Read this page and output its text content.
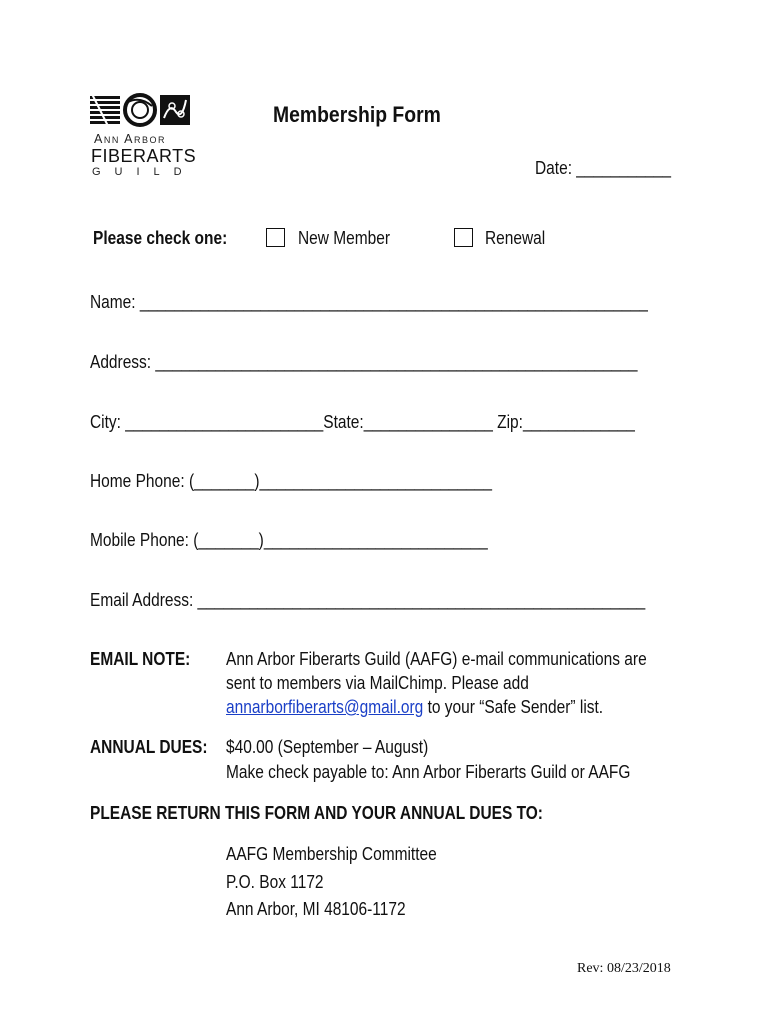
Ann Arbor
FIBERARTS
GUILD
Membership Form
Date: ___________
Please check one:	New Member	Renewal
Name: ___________________________________________________________
Address: ________________________________________________________
City: _______________________State:_______________ Zip:_____________
Home Phone: (_______)___________________________
Mobile Phone: (_______)__________________________
Email Address: ____________________________________________________
EMAIL NOTE: Ann Arbor Fiberarts Guild (AAFG) e-mail communications are
sent to members via MailChimp. Please add
annarborfiberarts@gmail.org to your “Safe Sender” list.
ANNUAL DUES: $40.00 (September – August)
Make check payable to: Ann Arbor Fiberarts Guild or AAFG
PLEASE RETURN THIS FORM AND YOUR ANNUAL DUES TO:
AAFG Membership Committee
P.O. Box 1172
Ann Arbor, MI 48106-1172
Rev: 08/23/2018
